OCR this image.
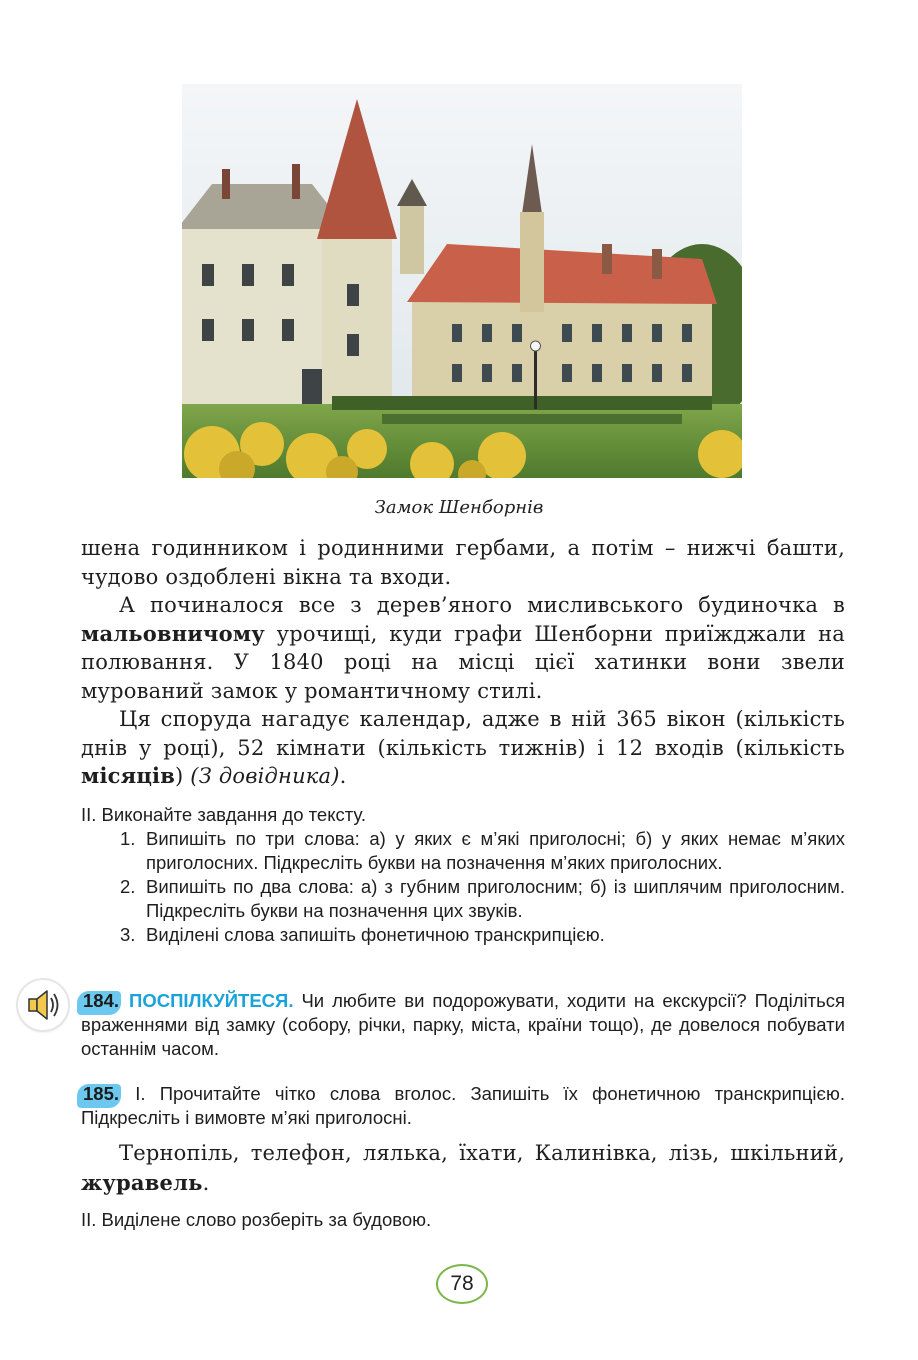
Замок Шенборнів

шена годинником і родинними гербами, а потім – нижчі башти, чудово оздоблені вікна та входи.

А починалося все з дерев’яного мисливського будиночка в мальовничому урочищі, куди графи Шенборни приїжджали на полювання. У 1840 році на місці цієї хатинки вони звели мурований замок у романтичному стилі.

Ця споруда нагадує календар, адже в ній 365 вікон (кількість днів у році), 52 кімнати (кількість тижнів) і 12 входів (кількість місяців) (З довідника).

ІІ. Виконайте завдання до тексту.
1. Випишіть по три слова: а) у яких є м’які приголосні; б) у яких немає м’яких приголосних. Підкресліть букви на позначення м’яких приголосних.
2. Випишіть по два слова: а) з губним приголосним; б) із шиплячим приголосним. Підкресліть букви на позначення цих звуків.
3. Виділені слова запишіть фонетичною транскрипцією.
184. ПОСПІЛКУЙТЕСЯ. Чи любите ви подорожувати, ходити на екскурсії? Поділіться враженнями від замку (собору, річки, парку, міста, країни тощо), де довелося побувати останнім часом.
185. І. Прочитайте чітко слова вголос. Запишіть їх фонетичною транскрипцією. Підкресліть і вимовте м’які приголосні.

Тернопіль, телефон, лялька, їхати, Калинівка, лізь, шкільний, журавель.

ІІ. Виділене слово розберіть за будовою.
78
